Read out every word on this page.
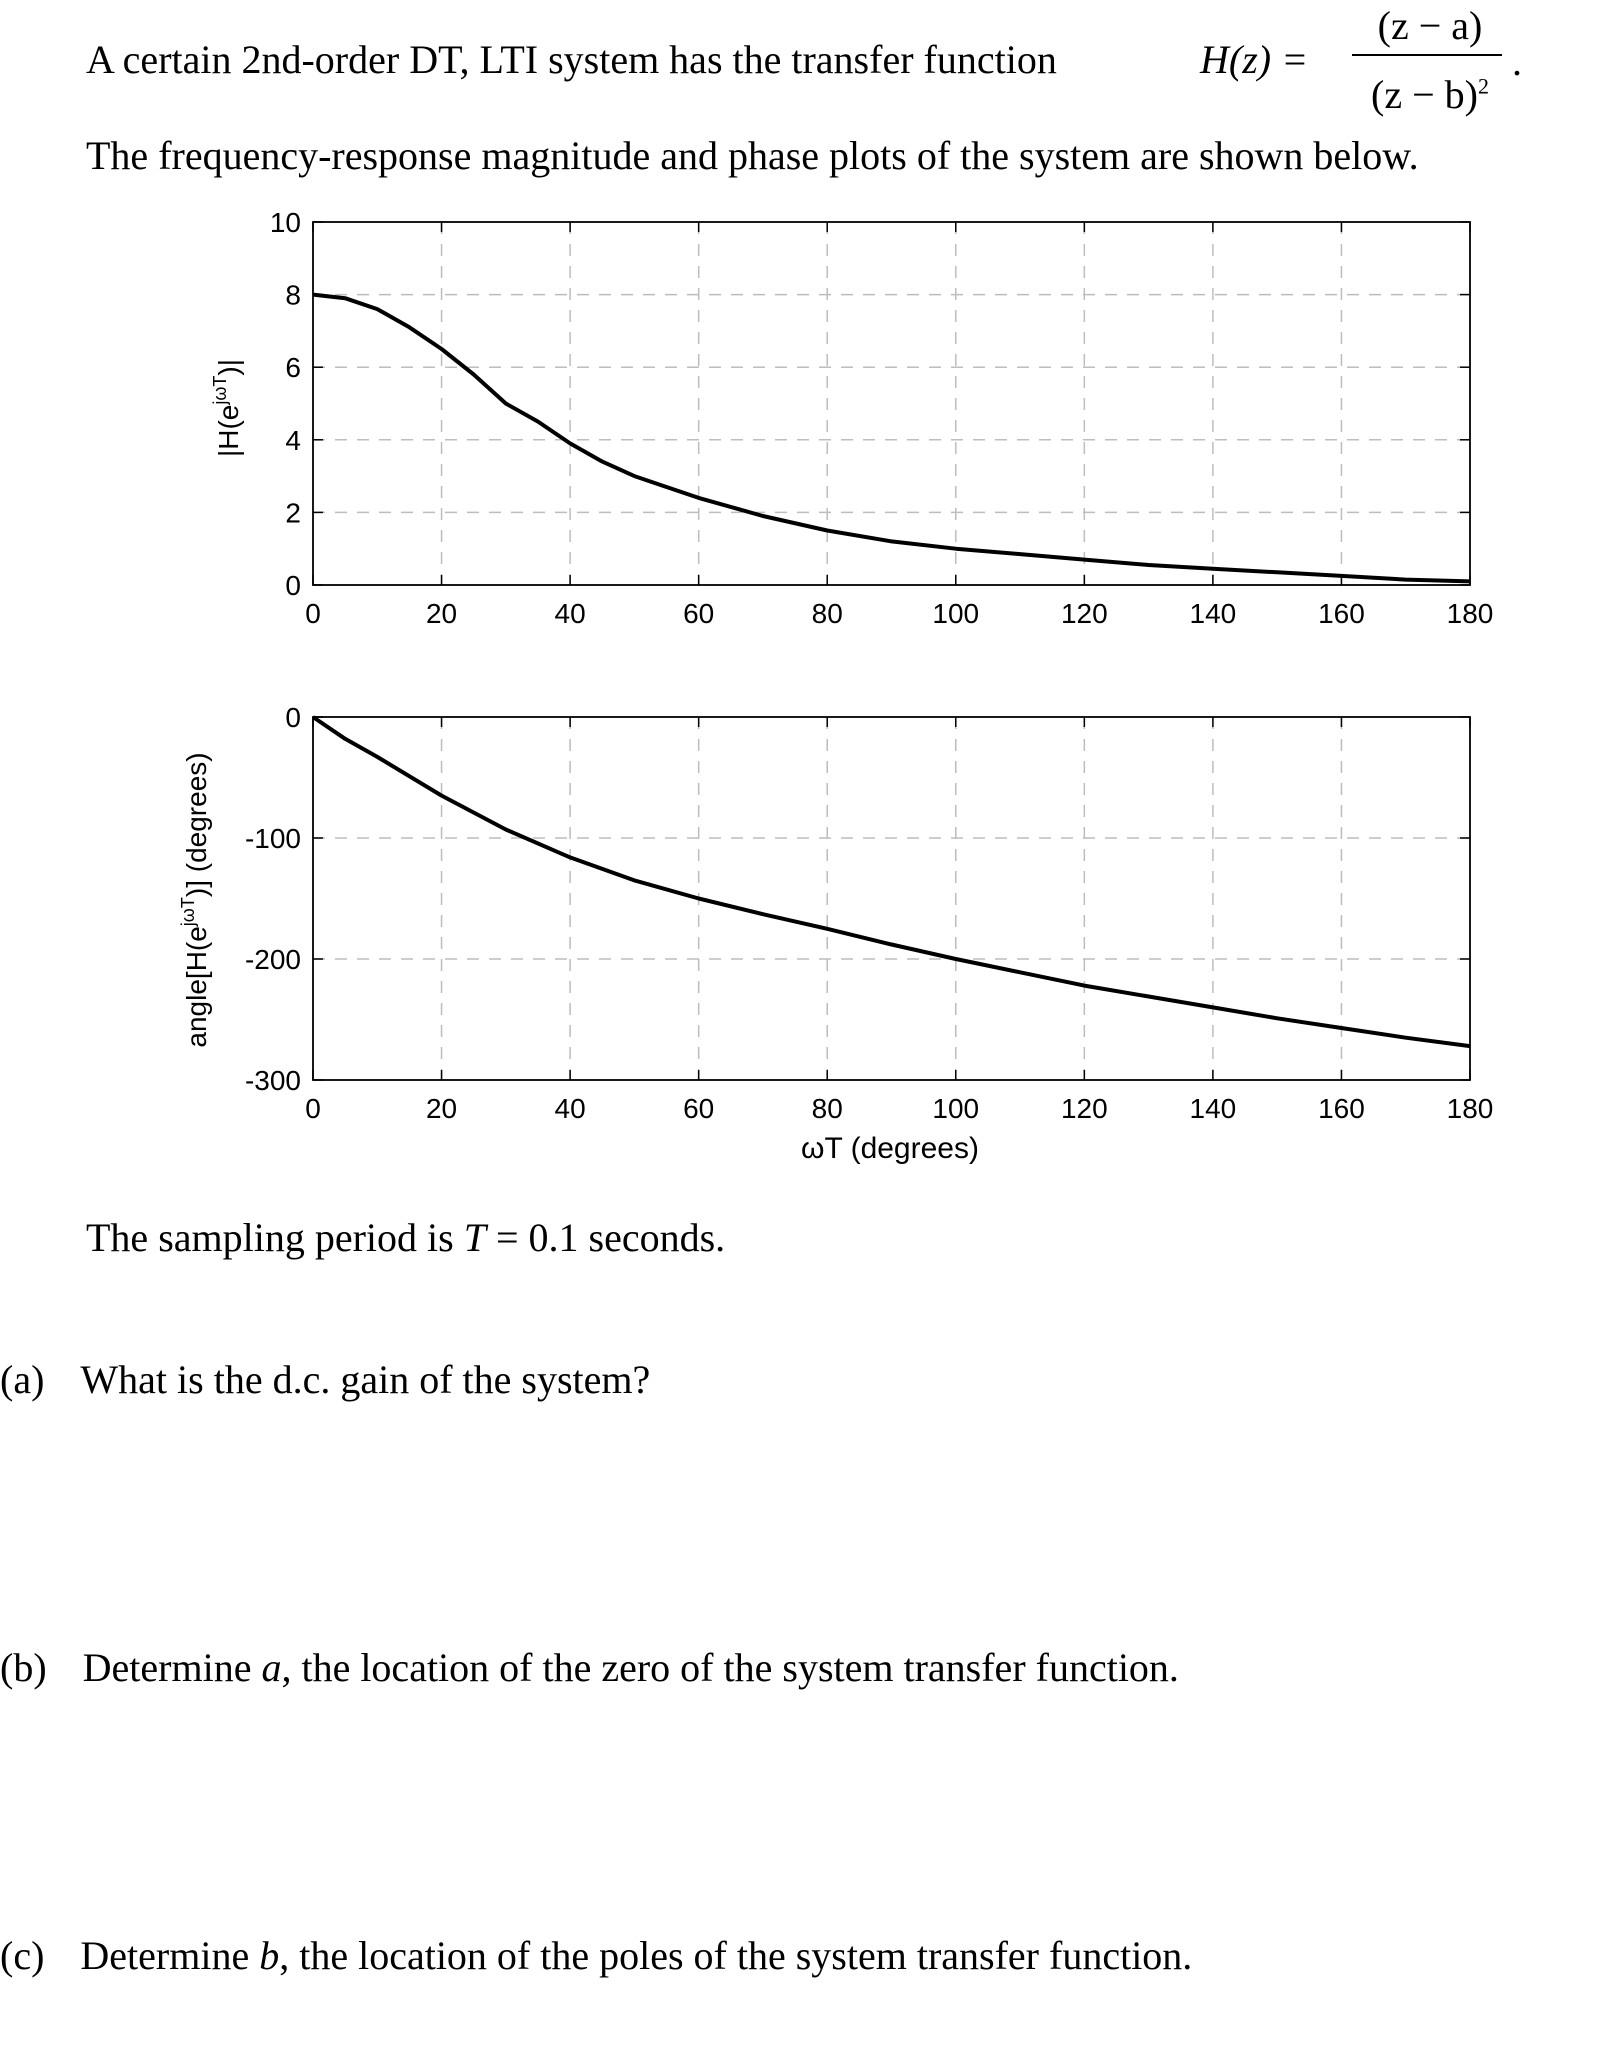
A certain 2nd-order DT, LTI system has the transfer function	H(z) =
(z − a)
$(z - b)^2$
.
The frequency-response magnitude and phase plots of the system are shown below.
0	20	40	60	80	100	120	140	160	180
0
2
4
6
8
10
0	20	40	60	80	100	120	140	160	180
0
-100
-200
-300
$|H(e^{j\omega T})|$
$angle[H(e^{j\omega T})]$ (degrees)
ωT (degrees)
The sampling period is T = 0.1 seconds.
(a) What is the d.c. gain of the system?
(b) Determine a, the location of the zero of the system transfer function.
(c) Determine b, the location of the poles of the system transfer function.
